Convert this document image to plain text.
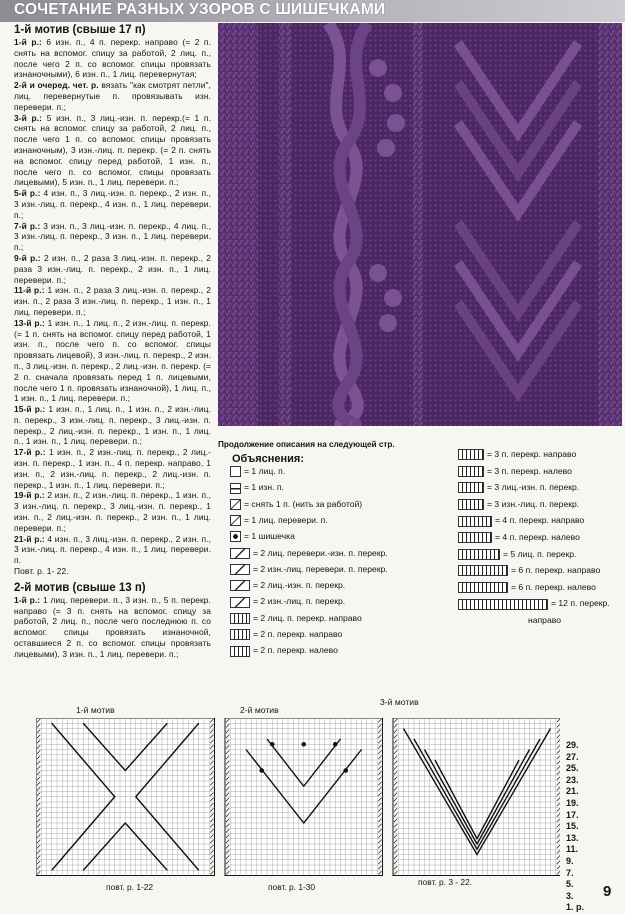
СОЧЕТАНИЕ РАЗНЫХ УЗОРОВ С ШИШЕЧКАМИ
1-й мотив (свыше 17 п)

1-й р.: 6 изн. п., 4 п. перекр. направо (= 2 п. снять на вспомог. спицу за работой, 2 лиц. п., после чего 2 п. со вспомог. спицы провязать изнаночными), 6 изн. п., 1 лиц. перевернутая;

2-й и очеред. чет. р. вязать "как смотрят петли", лиц. перевернутые п. провязывать изн. перевери. п.;

3-й р.: 5 изн. п., 3 лиц.-изн. п. перекр.(= 1 п. снять на вспомог. спицу за работой, 2 лиц. п., после чего 1 п. со вспомог. спицы провязать изнаночным), 3 изн.-лиц. п. перекр. (= 2 п. снять на вспомог. спицу перед работой, 1 изн. п., после чего п. со вспомог. спицы провязать лицевыми), 5 изн. п., 1 лиц. перевери. п.;

5-й р.: 4 изн. п., 3 лиц.-изн. п. перекр., 2 изн. п., 3 изн.-лиц. п. перекр., 4 изн. п., 1 лиц. перевери. п.;

7-й р.: 3 изн. п., 3 лиц.-изн. п. перекр., 4 лиц. п., 3 изн.-лиц. п. перекр., 3 изн. п., 1 лиц. перевери. п.;

9-й р.: 2 изн. п., 2 раза 3 лиц.-изн. п. перекр., 2 раза 3 изн.-лиц. п. перекр., 2 изн. п., 1 лиц. перевери. п.;

11-й р.: 1 изн. п., 2 раза 3 лиц.-изн. п. перекр., 2 изн. п., 2 раза 3 изн.-лиц. п. перекр., 1 изн. п., 1 лиц. перевери. п.;

13-й р.: 1 изн. п., 1 лиц. п., 2 изн.-лиц. п. перекр. (= 1 п. снять на вспомог. спицу перед работой, 1 изн. п., после чего п. со вспомог. спицы провязать лицевой), 3 изн.-лиц. п. перекр., 2 изн. п., 3 лиц.-изн. п. перекр., 2 лиц.-изн. п. перекр. (= 2 п. сначала провязать перед 1 п. лицевыми, после чего 1 п. провязать изнаночной), 1 лиц. п., 1 изн. п., 1 лиц. перевери. п.;

15-й р.: 1 изн. п., 1 лиц. п., 1 изн. п., 2 изн.-лиц. п. перекр., 3 изн.-лиц. п. перекр., 3 лиц.-изн. п. перекр., 2 лиц.-изн. п. перекр., 1 изн. п., 1 лиц. п., 1 изн. п., 1 лиц. перевери. п.;

17-й р.: 1 изн. п., 2 изн.-лиц. п. перекр., 2 лиц.-изн. п. перекр., 1 изн. п., 4 п. перекр. направо, 1 изн. п., 2 изн.-лиц. п. перекр., 2 лиц.-изн. п. перекр., 1 изн. п., 1 лиц. перевери. п.;

19-й р.: 2 изн. п., 2 изн.-лиц. п. перекр., 1 изн. п., 3 изн.-лиц. п. перекр., 3 лиц.-изн. п. перекр., 1 изн. п., 2 лиц.-изн. п. перекр., 2 изн. п., 1 лиц. перевери. п.;

21-й р.: 4 изн. п., 3 лиц.-изн. п. перекр., 2 изн. п., 3 изн.-лиц. п. перекр., 4 изн. п., 1 лиц. перевери. п.

Повт. р. 1- 22.

2-й мотив (свыше 13 п)

1-й р.: 1 лиц. перевери. п., 3 изн. п., 5 п. перекр. направо (= 3 п. снять на вспомог. спицу за работой, 2 лиц. п., после чего последнюю п. со вспомог. спицы провязать изнаночной, оставшиеся 2 п. со вспомог. спицы провязать лицевыми), 3 изн. п., 1 лиц. перевери. п.;

Продолжение описания на следующей стр.
Объяснения:
= 1 лиц. п.
= 1 изн. п.
= снять 1 п. (нить за работой)
= 1 лиц. перевери. п.
= 1 шишечка
= 2 лиц. перевери.-изн. п. перекр.
= 2 изн.-лиц. перевери. п. перекр.
= 2 лиц.-изн. п. перекр.
= 2 изн.-лиц. п. перекр.
= 2 лиц. п. перекр. направо
= 2 п. перекр. направо
= 2 п. перекр. налево
= 3 п. перекр. направо
= 3 п. перекр. налево
= 3 лиц.-изн. п. перекр.
= 3 изн.-лиц. п. перекр.
= 4 п. перекр. направо
= 4 п. перекр. налево
= 5 лиц. п. перекр.
= 6 п. перекр. направо
= 6 п. перекр. налево
= 12 п. перекр.
направо
1-й мотив	2-й мотив
3-й мотив
29.
27.
25.
23.
21.
19.
17.
15.
13.
11.
9.
7.
5.
3.
1. р.
повт. р. 1-22	повт. р. 1-30	повт. р. 3 - 22.
9
